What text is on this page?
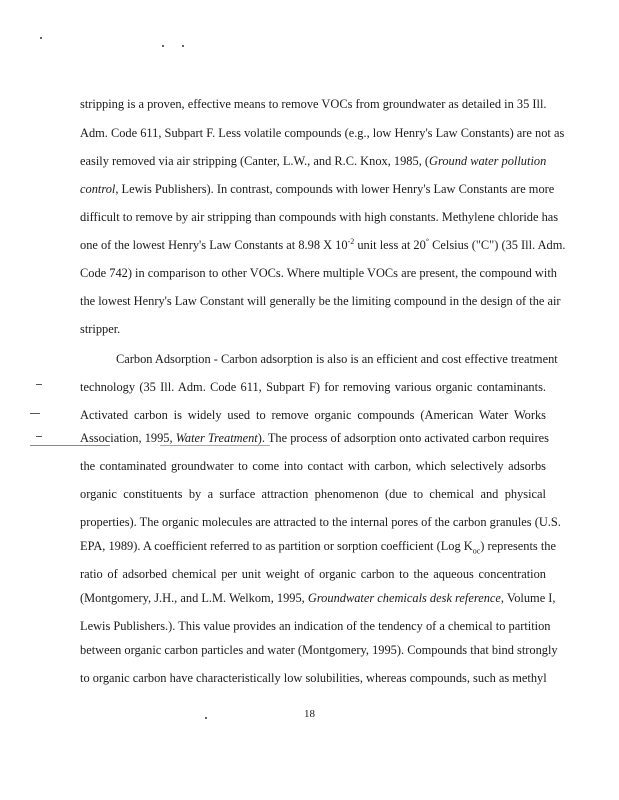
stripping is a proven, effective means to remove VOCs from groundwater as detailed in 35 Ill.
Adm. Code 611, Subpart F. Less volatile compounds (e.g., low Henry's Law Constants) are not as
easily removed via air stripping (Canter, L.W., and R.C. Knox, 1985, (Ground water pollution
control, Lewis Publishers). In contrast, compounds with lower Henry's Law Constants are more
difficult to remove by air stripping than compounds with high constants. Methylene chloride has
one of the lowest Henry's Law Constants at 8.98 X $10^{-2}$ unit less at 20° Celsius ("C") (35 Ill. Adm.
Code 742) in comparison to other VOCs. Where multiple VOCs are present, the compound with
the lowest Henry's Law Constant will generally be the limiting compound in the design of the air
stripper.
Carbon Adsorption - Carbon adsorption is also is an efficient and cost effective treatment
technology (35 Ill. Adm. Code 611, Subpart F) for removing various organic contaminants.
Activated carbon is widely used to remove organic compounds (American Water Works
Association, 1995, Water Treatment). The process of adsorption onto activated carbon requires
the contaminated groundwater to come into contact with carbon, which selectively adsorbs
organic constituents by a surface attraction phenomenon (due to chemical and physical
properties). The organic molecules are attracted to the internal pores of the carbon granules (U.S.
EPA, 1989). A coefficient referred to as partition or sorption coefficient (Log $K_{oc}$) represents the
ratio of adsorbed chemical per unit weight of organic carbon to the aqueous concentration
(Montgomery, J.H., and L.M. Welkom, 1995, Groundwater chemicals desk reference, Volume I,
Lewis Publishers.). This value provides an indication of the tendency of a chemical to partition
between organic carbon particles and water (Montgomery, 1995). Compounds that bind strongly
to organic carbon have characteristically low solubilities, whereas compounds, such as methyl
18
